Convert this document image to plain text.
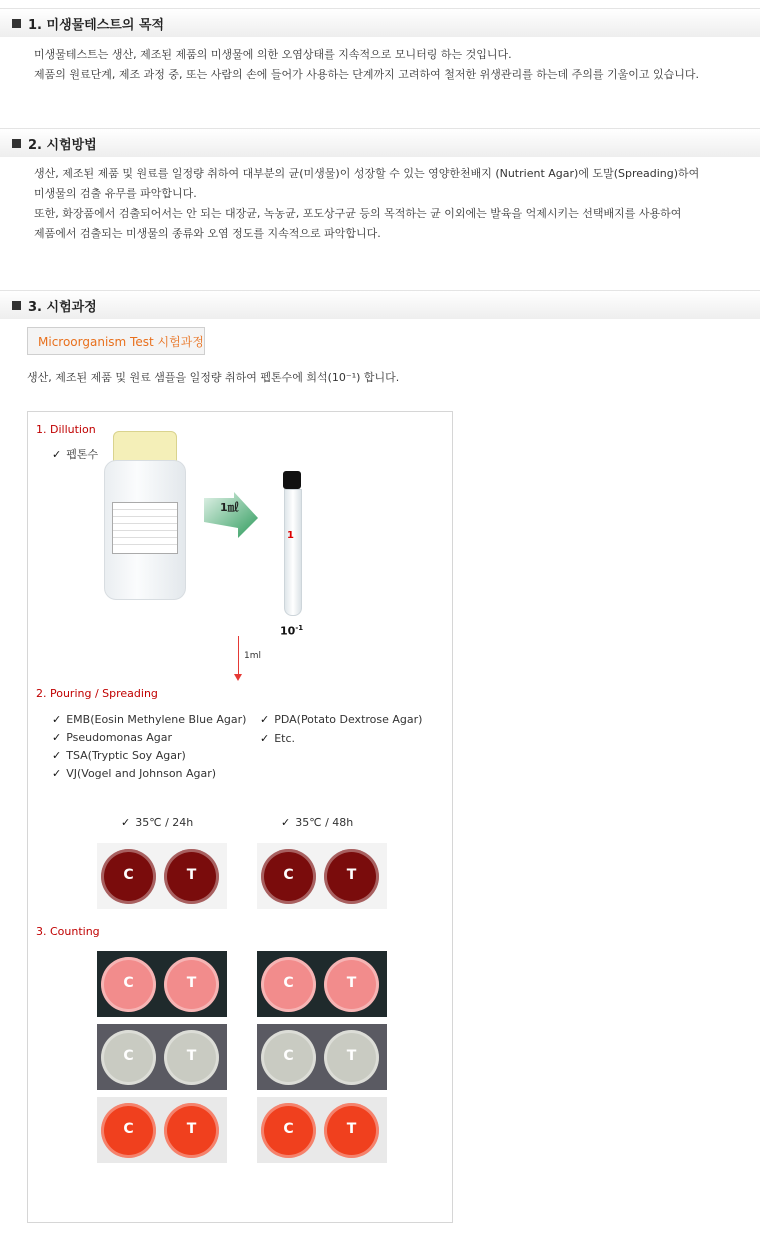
1. 미생물테스트의 목적
미생물테스트는 생산, 제조된 제품의 미생물에 의한 오염상태를 지속적으로 모니터링 하는 것입니다.
제품의 원료단계, 제조 과정 중, 또는 사람의 손에 들어가 사용하는 단계까지 고려하여 철저한 위생관리를 하는데 주의를 기울이고 있습니다.
2. 시험방법
생산, 제조된 제품 및 원료를 일정량 취하여 대부분의 균(미생물)이 성장할 수 있는 영양한천배지 (Nutrient Agar)에 도말(Spreading)하여
미생물의 검출 유무를 파악합니다.
또한, 화장품에서 검출되어서는 안 되는 대장균, 녹농균, 포도상구균 등의 목적하는 균 이외에는 발육을 억제시키는 선택배지를 사용하여
제품에서 검출되는 미생물의 종류와 오염 정도를 지속적으로 파악합니다.
3. 시험과정
Microorganism Test 시험과정
생산, 제조된 제품 및 원료 샘플을 일정량 취하여 펩톤수에 희석(10⁻¹) 합니다.
1. Dillution
✓ 펩톤수
1㎖
1
$10^{-1}$
1ml
2. Pouring / Spreading
✓ EMB(Eosin Methylene Blue Agar)
✓ Pseudomonas Agar
✓ TSA(Tryptic Soy Agar)
✓ VJ(Vogel and Johnson Agar)
✓ PDA(Potato Dextrose Agar)
✓ Etc.
✓ 35℃ / 24h	✓ 35℃ / 48h
C	T	C	T
3. Counting
C	T	C	T
C	T	C	T
C	T	C	T
